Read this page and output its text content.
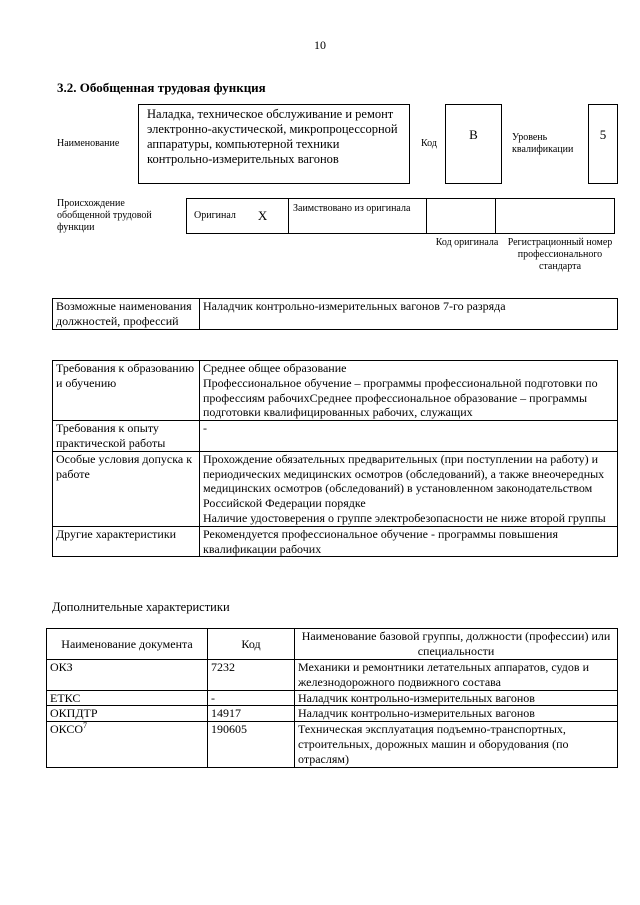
10
3.2. Обобщенная трудовая функция
Наименование
Наладка, техническое обслуживание и ремонт электронно-акустической, микропроцессорной аппаратуры, компьютерной техники контрольно-измерительных вагонов
Код
B	Уровень квалификации
5
Происхождение обобщенной трудовой функции
Оригинал X	Заимствовано из оригинала
Код оригинала Регистрационный номер профессионального стандарта
Возможные наименования должностей, профессий	Наладчик контрольно-измерительных вагонов 7-го разряда
Требования к образованию и обучению	Среднее общее образование
Профессиональное обучение – программы профессиональной подготовки по профессиям рабочихСреднее профессиональное образование – программы подготовки квалифицированных рабочих, служащих

Требования к опыту практической работы	-
Особые условия допуска к работе	Прохождение обязательных предварительных (при поступлении на работу) и периодических медицинских осмотров (обследований), а также внеочередных медицинских осмотров (обследований) в установленном законодательством Российской Федерации порядке
Наличие удостоверения о группе электробезопасности не ниже второй группы

Другие характеристики	Рекомендуется профессиональное обучение - программы повышения квалификации рабочих
Дополнительные характеристики
Наименование документа	Код	Наименование базовой группы, должности (профессии) или специальности
ОКЗ	7232	Механики и ремонтники летательных аппаратов, судов и железнодорожного подвижного состава
ЕТКС	-	Наладчик контрольно-измерительных вагонов
ОКПДТР	14917	Наладчик контрольно-измерительных вагонов
ОКСО$^7$	190605	Техническая эксплуатация подъемно-транспортных, строительных, дорожных машин и оборудования (по отраслям)
